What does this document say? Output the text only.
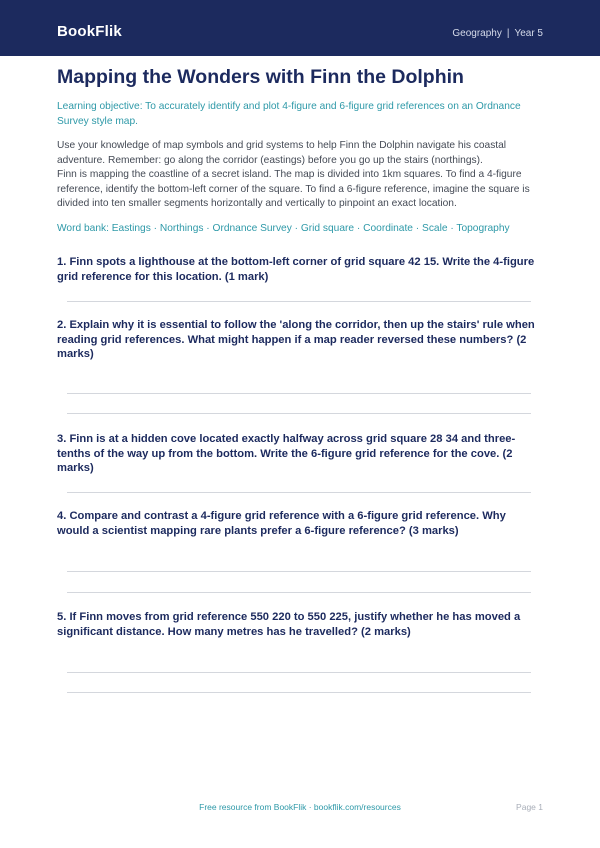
BookFlik	Geography | Year 5
Mapping the Wonders with Finn the Dolphin
Learning objective: To accurately identify and plot 4-figure and 6-figure grid references on an Ordnance Survey style map.
Use your knowledge of map symbols and grid systems to help Finn the Dolphin navigate his coastal adventure. Remember: go along the corridor (eastings) before you go up the stairs (northings).
Finn is mapping the coastline of a secret island. The map is divided into 1km squares. To find a 4-figure reference, identify the bottom-left corner of the square. To find a 6-figure reference, imagine the square is divided into ten smaller segments horizontally and vertically to pinpoint an exact location.
Word bank: Eastings · Northings · Ordnance Survey · Grid square · Coordinate · Scale · Topography
1. Finn spots a lighthouse at the bottom-left corner of grid square 42 15. Write the 4-figure grid reference for this location. (1 mark)
2. Explain why it is essential to follow the 'along the corridor, then up the stairs' rule when reading grid references. What might happen if a map reader reversed these numbers? (2 marks)
3. Finn is at a hidden cove located exactly halfway across grid square 28 34 and three-tenths of the way up from the bottom. Write the 6-figure grid reference for the cove. (2 marks)
4. Compare and contrast a 4-figure grid reference with a 6-figure grid reference. Why would a scientist mapping rare plants prefer a 6-figure reference? (3 marks)
5. If Finn moves from grid reference 550 220 to 550 225, justify whether he has moved a significant distance. How many metres has he travelled? (2 marks)
Free resource from BookFlik · bookflik.com/resources	Page 1
